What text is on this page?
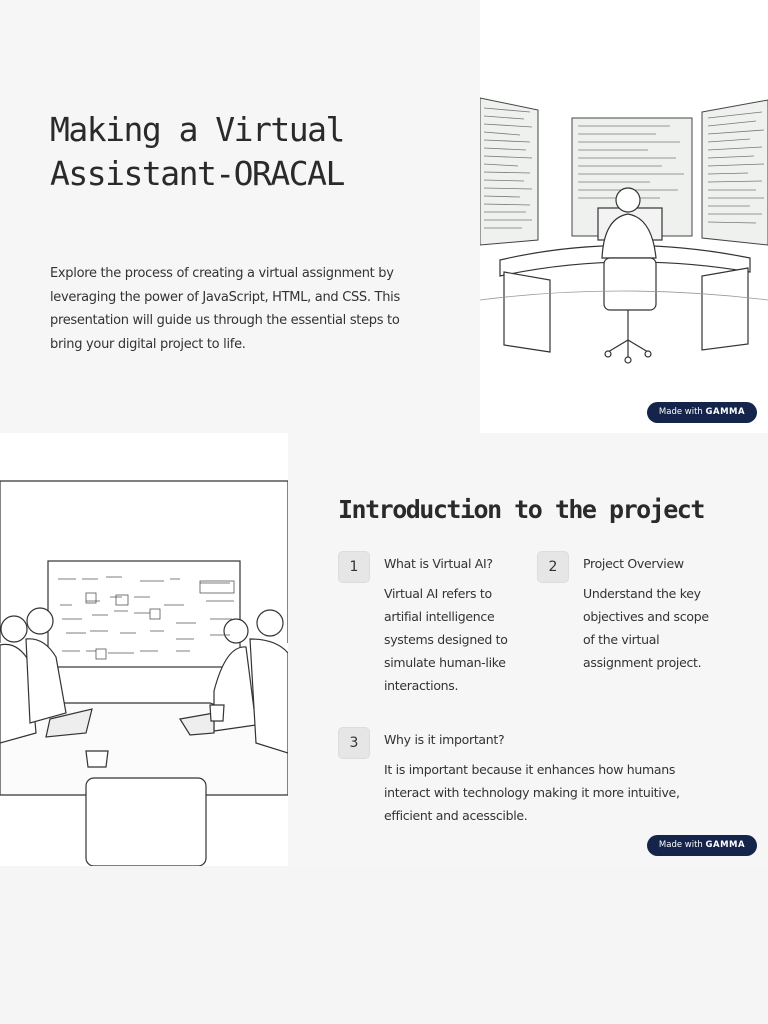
Making a Virtual Assistant-ORACAL

Explore the process of creating a virtual assignment by leveraging the power of JavaScript, HTML, and CSS. This presentation will guide us through the essential steps to bring your digital project to life.

Made with GAMMA
Introduction to the project
1	What is Virtual AI?
Virtual AI refers to artifial intelligence systems designed to simulate human-like interactions.
2	Project Overview
Understand the key objectives and scope of the virtual assignment project.
3	Why is it important?
It is important because it enhances how humans interact with technology making it more intuitive, efficient and acesscible.
Made with GAMMA
